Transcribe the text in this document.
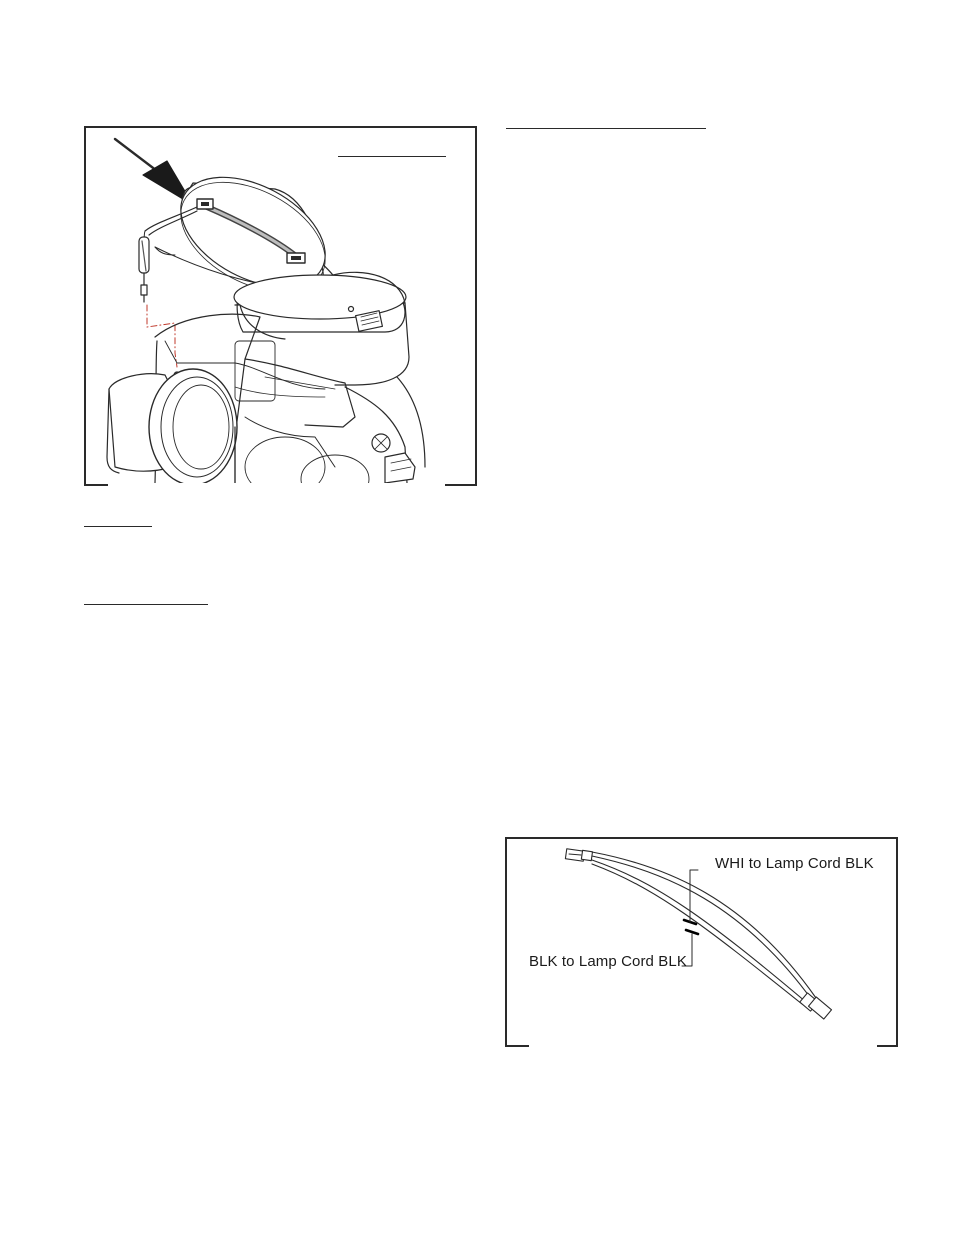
WHI to Lamp Cord BLK
BLK to Lamp Cord BLK
